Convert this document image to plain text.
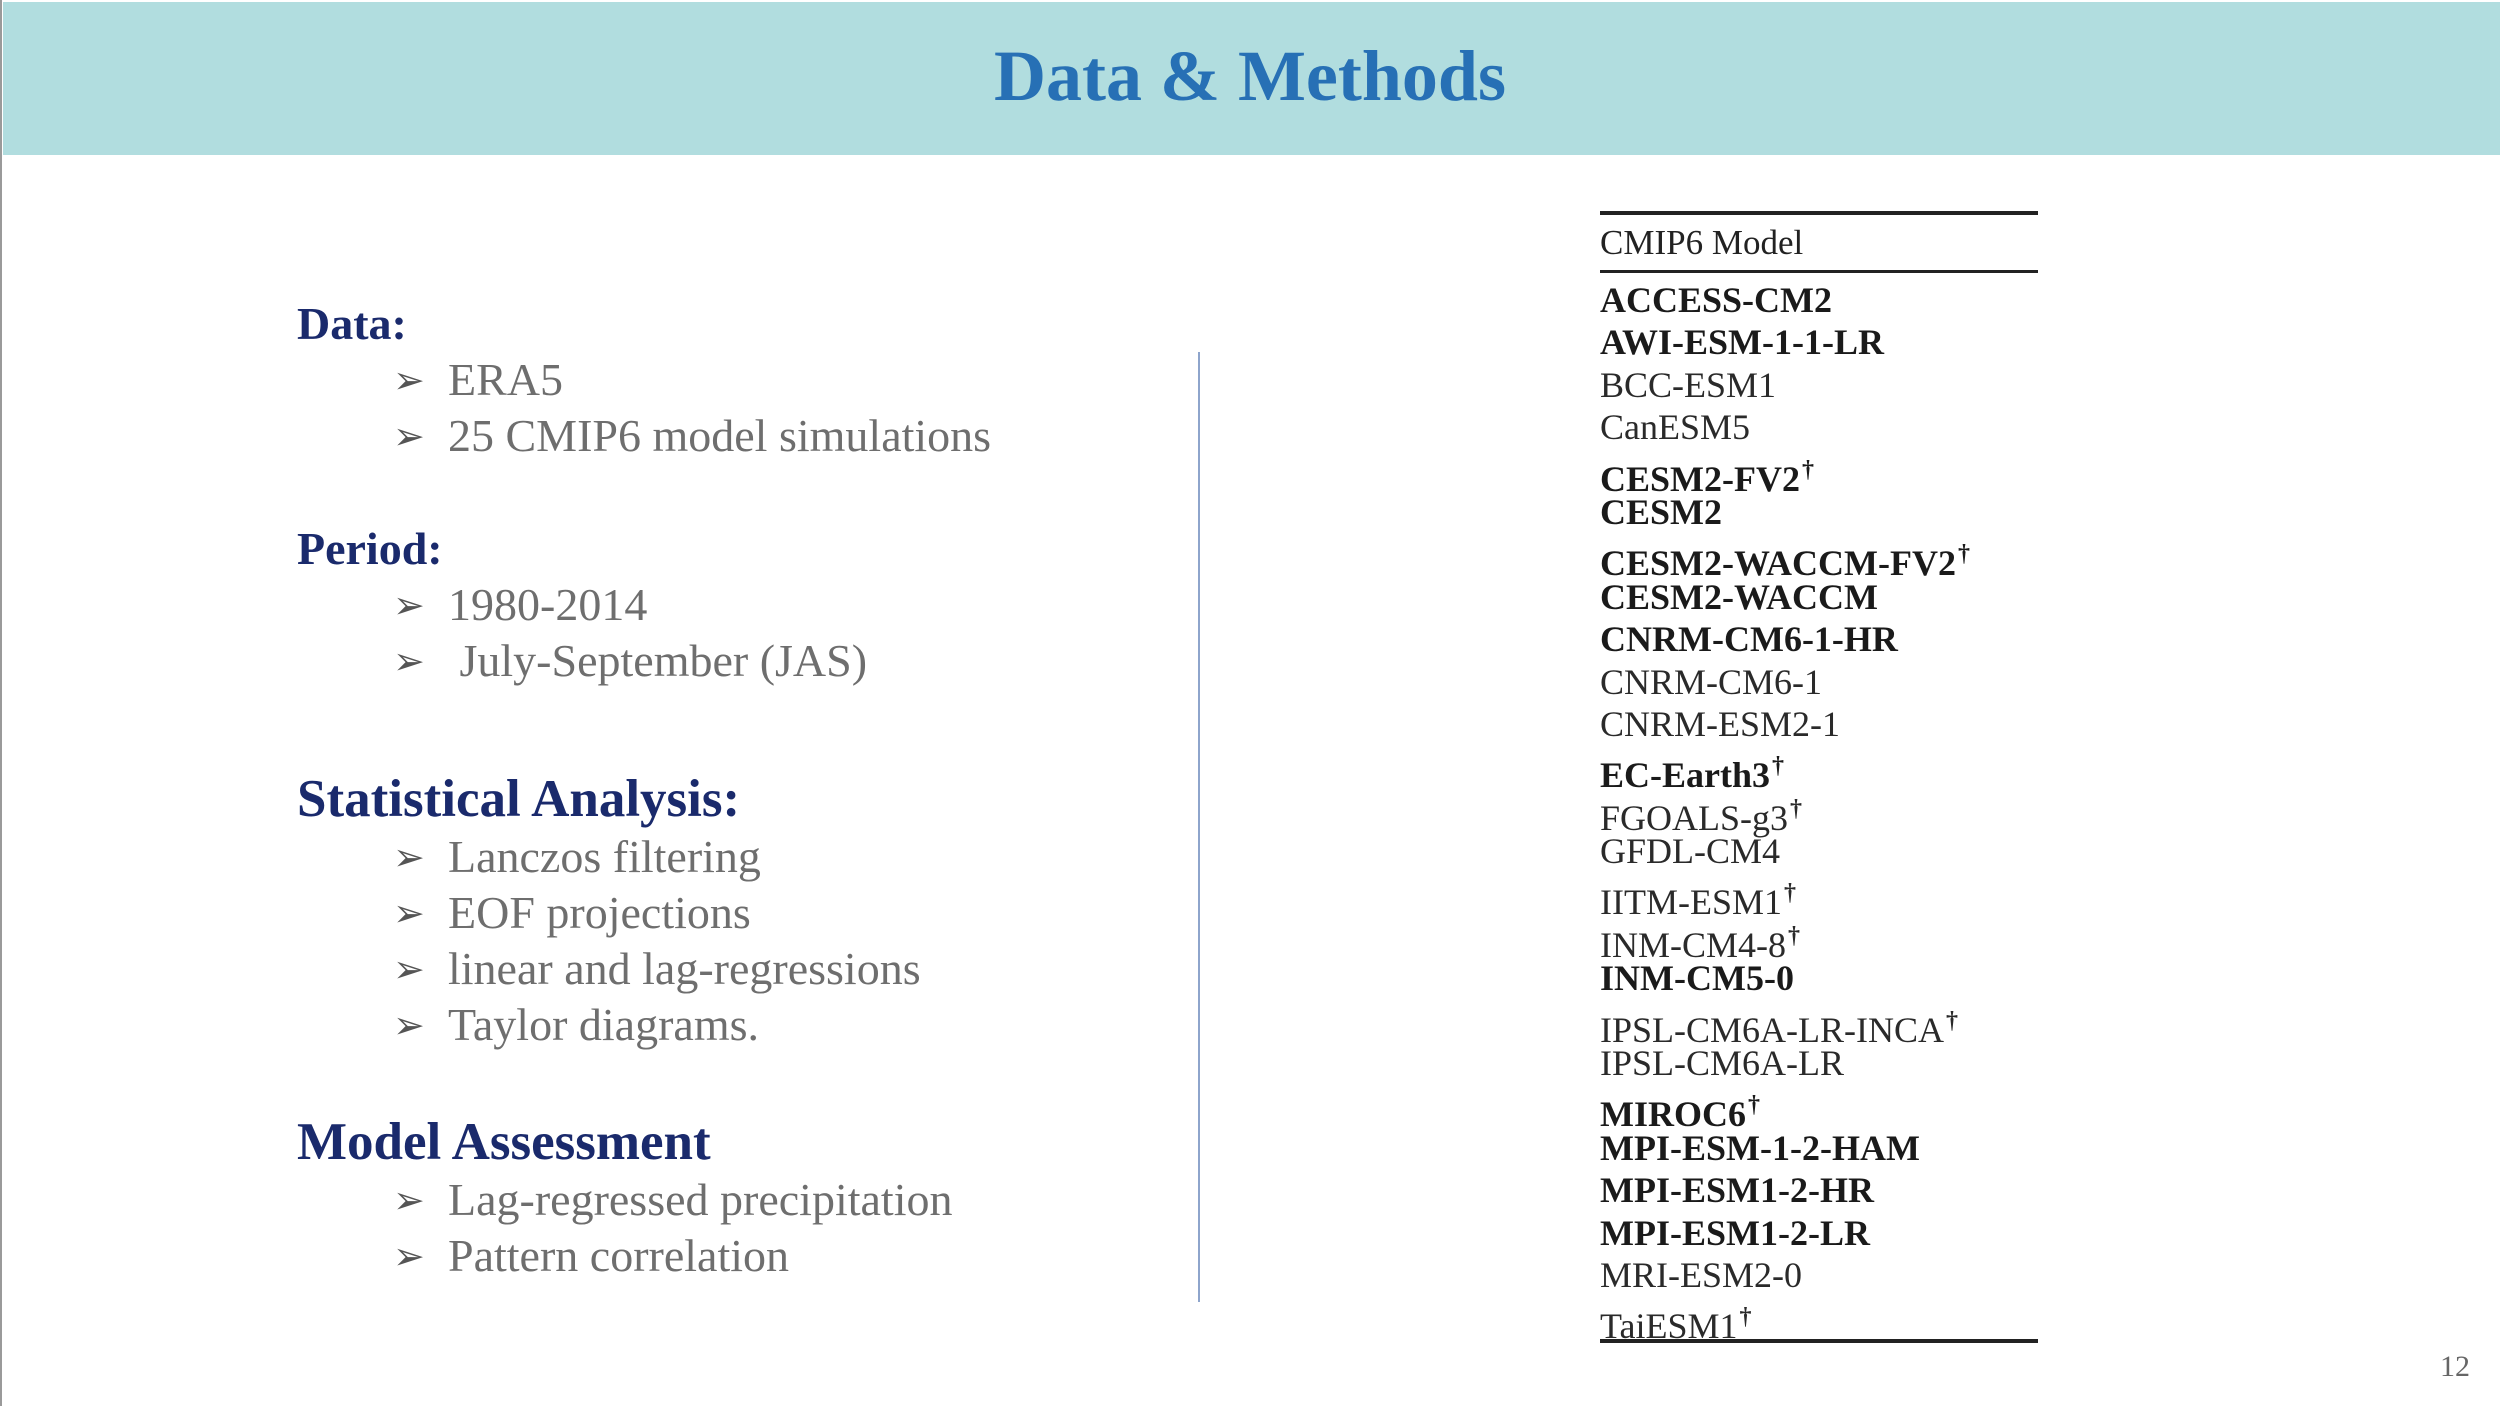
Data & Methods
Data:
➢ ERA5
➢ 25 CMIP6 model simulations
Period:
➢ 1980-2014
➢ July-September (JAS)
Statistical Analysis:
➢ Lanczos filtering
➢ EOF projections
➢ linear and lag-regressions
➢ Taylor diagrams.
Model Assessment
➢ Lag-regressed precipitation
➢ Pattern correlation
CMIP6 Model
ACCESS-CM2
AWI-ESM-1-1-LR
BCC-ESM1
CanESM5
CESM2-FV2†
CESM2
CESM2-WACCM-FV2†
CESM2-WACCM
CNRM-CM6-1-HR
CNRM-CM6-1
CNRM-ESM2-1
EC-Earth3†
FGOALS-g3†
GFDL-CM4
IITM-ESM1†
INM-CM4-8†
INM-CM5-0
IPSL-CM6A-LR-INCA†
IPSL-CM6A-LR
MIROC6†
MPI-ESM-1-2-HAM
MPI-ESM1-2-HR
MPI-ESM1-2-LR
MRI-ESM2-0
TaiESM1†
12
